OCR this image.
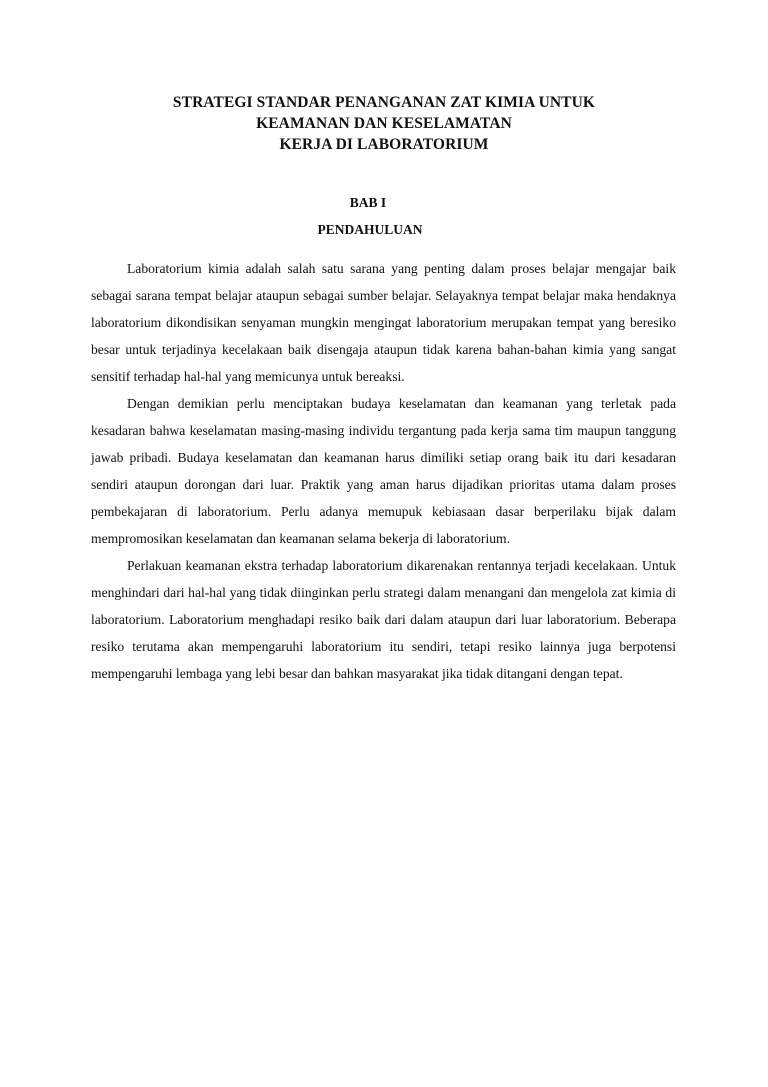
STRATEGI STANDAR PENANGANAN ZAT KIMIA UNTUK
KEAMANAN DAN KESELAMATAN
KERJA DI LABORATORIUM
BAB I
PENDAHULUAN

Laboratorium kimia adalah salah satu sarana yang penting dalam proses belajar mengajar baik sebagai sarana tempat belajar ataupun sebagai sumber belajar. Selayaknya tempat belajar maka hendaknya laboratorium dikondisikan senyaman mungkin mengingat laboratorium merupakan tempat yang beresiko besar untuk terjadinya kecelakaan baik disengaja ataupun tidak karena bahan-bahan kimia yang sangat sensitif terhadap hal-hal yang memicunya untuk bereaksi.

Dengan demikian perlu menciptakan budaya keselamatan dan keamanan yang terletak pada kesadaran bahwa keselamatan masing-masing individu tergantung pada kerja sama tim maupun tanggung jawab pribadi. Budaya keselamatan dan keamanan harus dimiliki setiap orang baik itu dari kesadaran sendiri ataupun dorongan dari luar. Praktik yang aman harus dijadikan prioritas utama dalam proses pembekajaran di laboratorium. Perlu adanya memupuk kebiasaan dasar berperilaku bijak dalam mempromosikan keselamatan dan keamanan selama bekerja di laboratorium.

Perlakuan keamanan ekstra terhadap laboratorium dikarenakan rentannya terjadi kecelakaan. Untuk menghindari dari hal-hal yang tidak diinginkan perlu strategi dalam menangani dan mengelola zat kimia di laboratorium. Laboratorium menghadapi resiko baik dari dalam ataupun dari luar laboratorium. Beberapa resiko terutama akan mempengaruhi laboratorium itu sendiri, tetapi resiko lainnya juga berpotensi mempengaruhi lembaga yang lebi besar dan bahkan masyarakat jika tidak ditangani dengan tepat.
